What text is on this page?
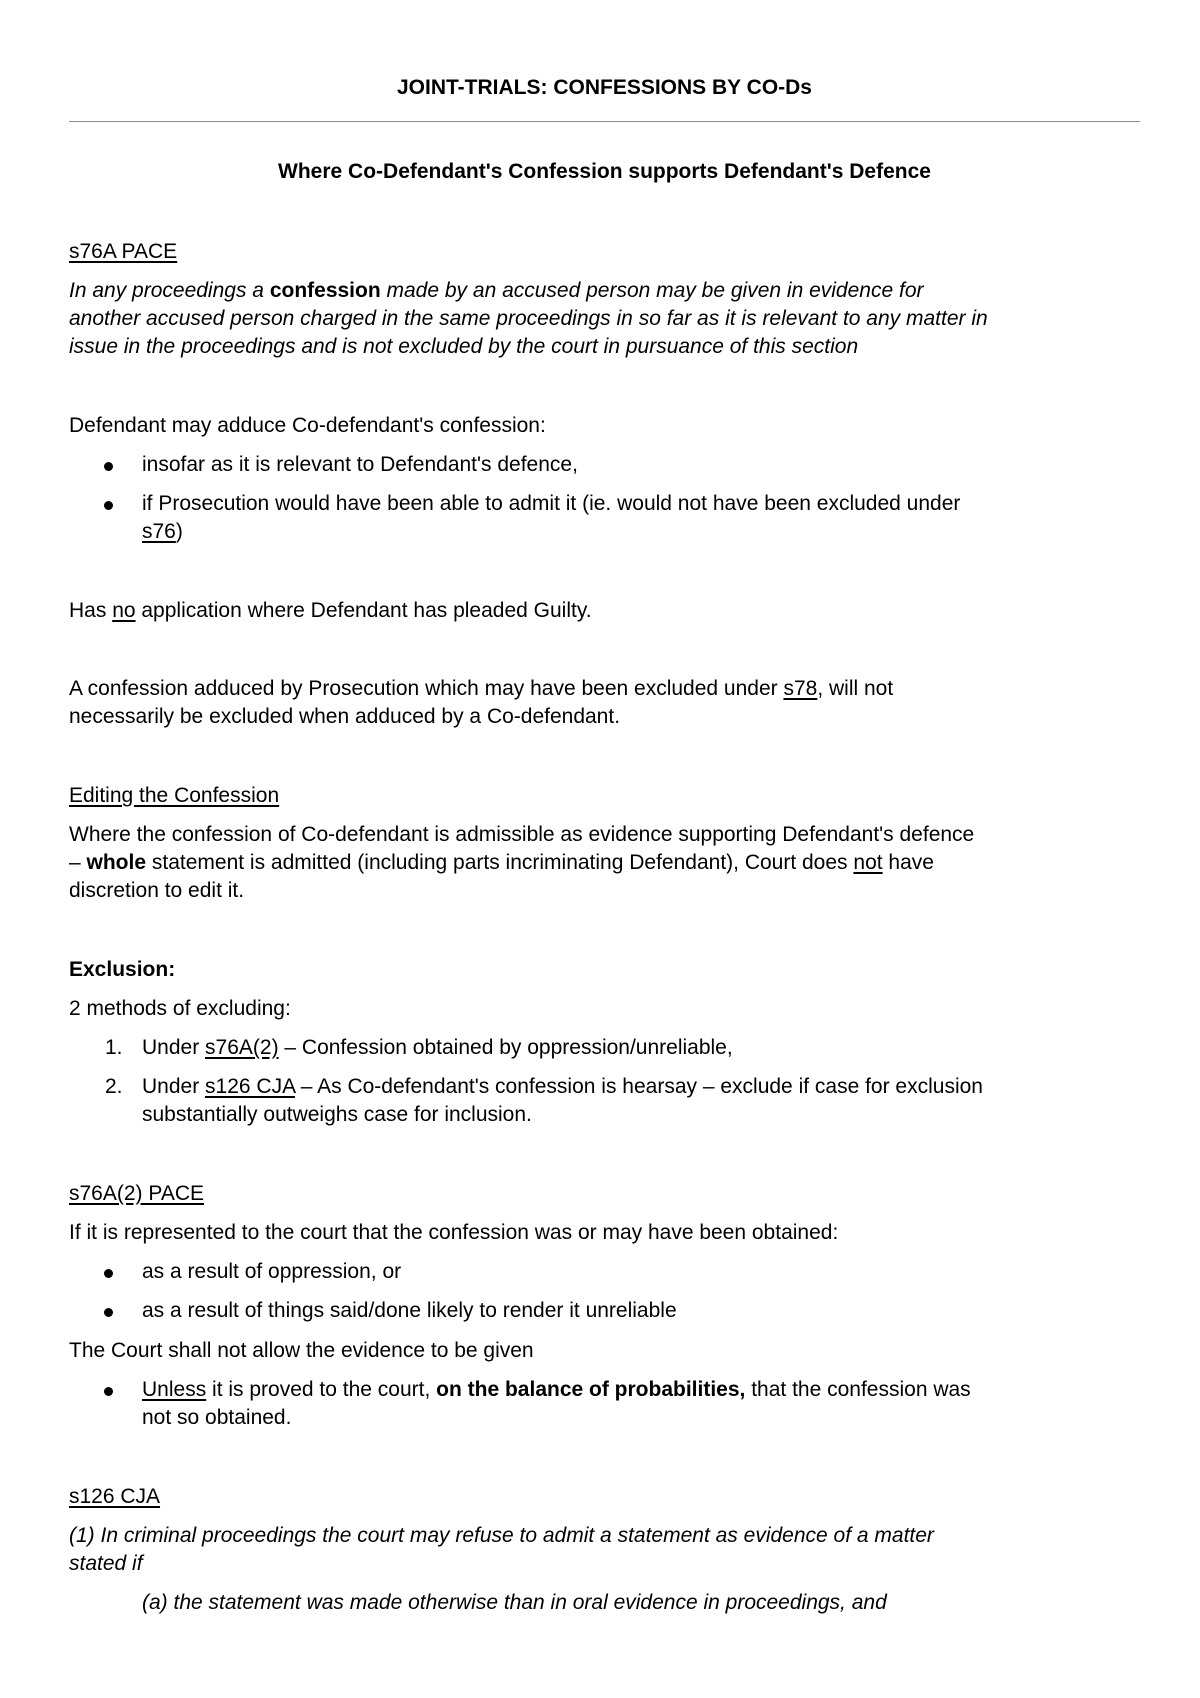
JOINT-TRIALS: CONFESSIONS BY CO-Ds
Where Co-Defendant's Confession supports Defendant's Defence
s76A PACE
In any proceedings a confession made by an accused person may be given in evidence for
another accused person charged in the same proceedings in so far as it is relevant to any matter in
issue in the proceedings and is not excluded by the court in pursuance of this section
Defendant may adduce Co-defendant's confession:
insofar as it is relevant to Defendant's defence,
if Prosecution would have been able to admit it (ie. would not have been excluded under
s76)
Has no application where Defendant has pleaded Guilty.
A confession adduced by Prosecution which may have been excluded under s78, will not
necessarily be excluded when adduced by a Co-defendant.
Editing the Confession
Where the confession of Co-defendant is admissible as evidence supporting Defendant's defence
– whole statement is admitted (including parts incriminating Defendant), Court does not have
discretion to edit it.
Exclusion:
2 methods of excluding:
1. Under s76A(2) – Confession obtained by oppression/unreliable,
2. Under s126 CJA – As Co-defendant's confession is hearsay – exclude if case for exclusion
substantially outweighs case for inclusion.
s76A(2) PACE
If it is represented to the court that the confession was or may have been obtained:
as a result of oppression, or
as a result of things said/done likely to render it unreliable
The Court shall not allow the evidence to be given
Unless it is proved to the court, on the balance of probabilities, that the confession was
not so obtained.
s126 CJA
(1) In criminal proceedings the court may refuse to admit a statement as evidence of a matter
stated if
(a) the statement was made otherwise than in oral evidence in proceedings, and
